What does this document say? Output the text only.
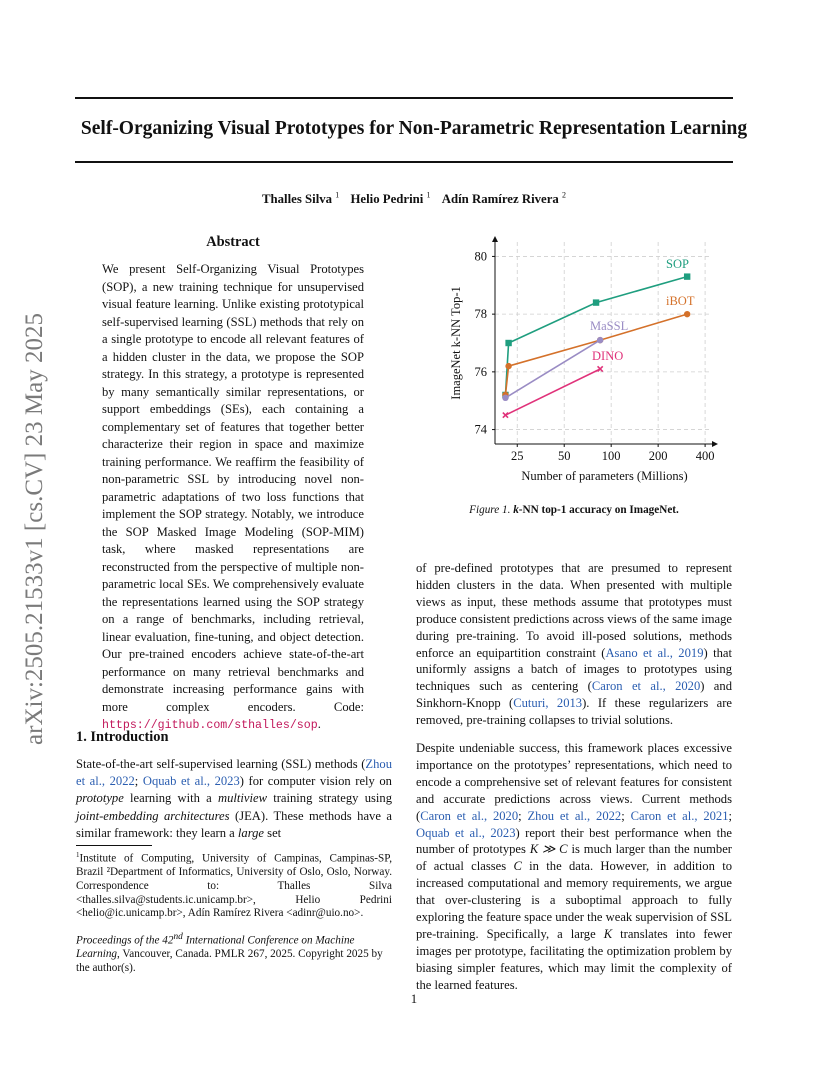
Self-Organizing Visual Prototypes for Non-Parametric Representation Learning
Thalles Silva $^1$ Helio Pedrini $^1$ Adín Ramírez Rivera $^2$
arXiv:2505.21533v1 [cs.CV] 23 May 2025
Abstract
We present Self-Organizing Visual Prototypes (SOP), a new training technique for unsupervised visual feature learning. Unlike existing prototypical self-supervised learning (SSL) methods that rely on a single prototype to encode all relevant features of a hidden cluster in the data, we propose the SOP strategy. In this strategy, a prototype is represented by many semantically similar representations, or support embeddings (SEs), each containing a complementary set of features that together better characterize their region in space and maximize training performance. We reaffirm the feasibility of non-parametric SSL by introducing novel non-parametric adaptations of two loss functions that implement the SOP strategy. Notably, we introduce the SOP Masked Image Modeling (SOP-MIM) task, where masked representations are reconstructed from the perspective of multiple non-parametric local SEs. We comprehensively evaluate the representations learned using the SOP strategy on a range of benchmarks, including retrieval, linear evaluation, fine-tuning, and object detection. Our pre-trained encoders achieve state-of-the-art performance on many retrieval benchmarks and demonstrate increasing performance gains with more complex encoders. Code: https://github.com/sthalles/sop.
1. Introduction
State-of-the-art self-supervised learning (SSL) methods (Zhou et al., 2022; Oquab et al., 2023) for computer vision rely on prototype learning with a multiview training strategy using joint-embedding architectures (JEA). These methods have a similar framework: they learn a large set
$^1$Institute of Computing, University of Campinas, Campinas-SP, Brazil ²Department of Informatics, University of Oslo, Oslo, Norway. Correspondence to: Thalles Silva <thalles.silva@students.ic.unicamp.br>, Helio Pedrini <helio@ic.unicamp.br>, Adín Ramírez Rivera <adinr@uio.no>.
Proceedings of the 42nd International Conference on Machine Learning, Vancouver, Canada. PMLR 267, 2025. Copyright 2025 by the author(s).
25	50	100 200 400
74
76
78
80
Number of parameters (Millions)
ImageNet k-NN Top-1
SOP
iBOT
MaSSL
DINO
Figure 1. k-NN top-1 accuracy on ImageNet.
of pre-defined prototypes that are presumed to represent hidden clusters in the data. When presented with multiple views as input, these methods assume that prototypes must produce consistent predictions across views of the same image during pre-training. To avoid ill-posed solutions, methods enforce an equipartition constraint (Asano et al., 2019) that uniformly assigns a batch of images to prototypes using techniques such as centering (Caron et al., 2020) and Sinkhorn-Knopp (Cuturi, 2013). If these regularizers are removed, pre-training collapses to trivial solutions.
Despite undeniable success, this framework places excessive importance on the prototypes’ representations, which need to encode a comprehensive set of relevant features for consistent and accurate predictions across views. Current methods (Caron et al., 2020; Zhou et al., 2022; Caron et al., 2021; Oquab et al., 2023) report their best performance when the number of prototypes K ≫ C is much larger than the number of actual classes C in the data. However, in addition to increased computational and memory requirements, we argue that over-clustering is a suboptimal approach to fully exploring the feature space under the weak supervision of SSL pre-training. Specifically, a large K translates into fewer images per prototype, facilitating the optimization problem by biasing simpler features, which may limit the complexity of the learned features.
1
